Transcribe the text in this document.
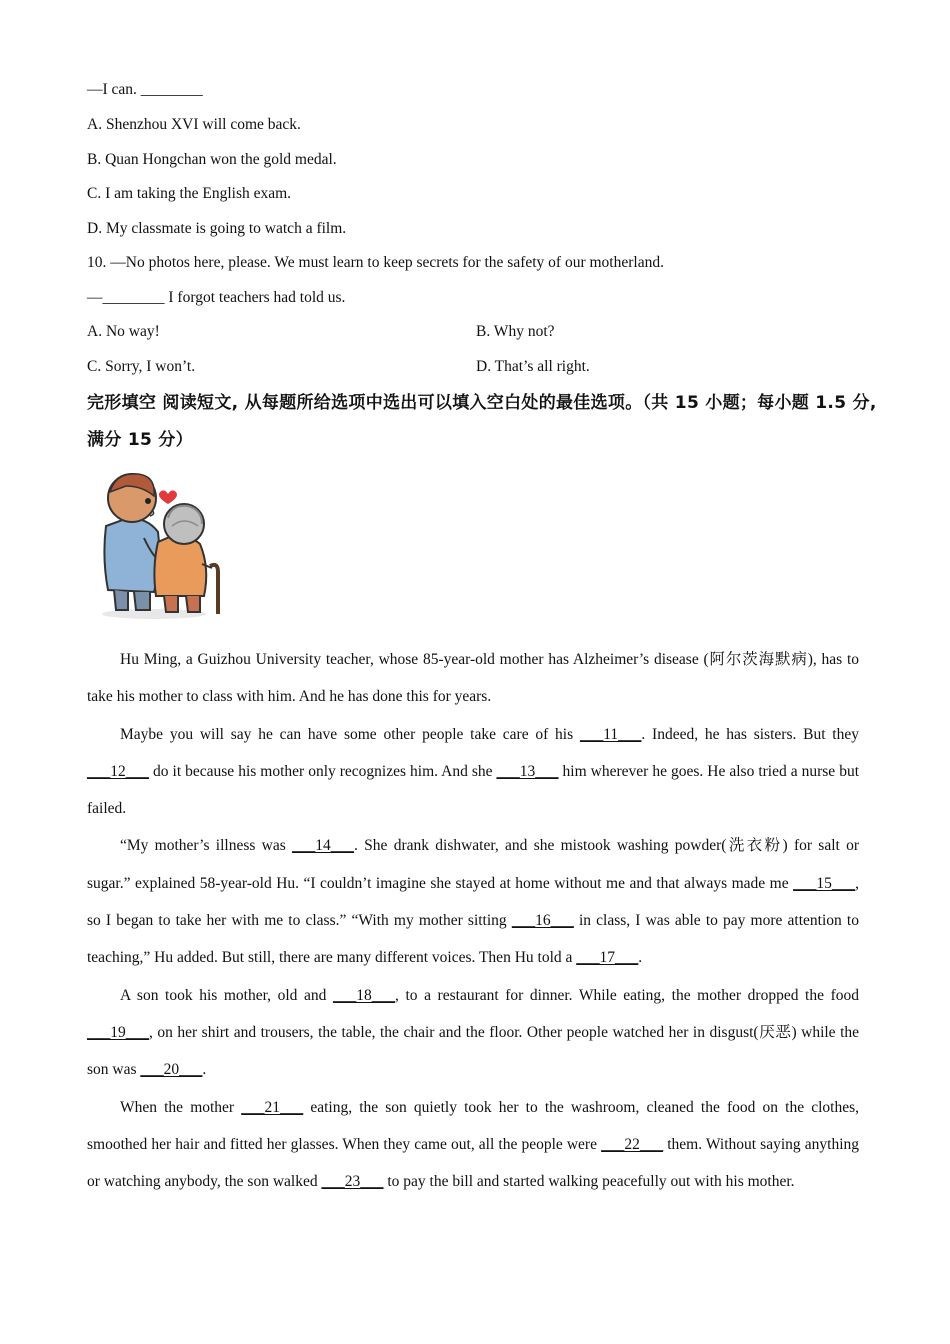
—I can. ________
A. Shenzhou XVI will come back.
B. Quan Hongchan won the gold medal.
C. I am taking the English exam.
D. My classmate is going to watch a film.
10. —No photos here, please. We must learn to keep secrets for the safety of our motherland.
—________ I forgot teachers had told us.
A. No way!	B. Why not?
C. Sorry, I won’t.	D. That’s all right.
完形填空 阅读短文, 从每题所给选项中选出可以填入空白处的最佳选项。（共 15 小题；每小题 1.5 分, 满分 15 分）

Hu Ming, a Guizhou University teacher, whose 85-year-old mother has Alzheimer’s disease (阿尔茨海默病), has to take his mother to class with him. And he has done this for years.

Maybe you will say he can have some other people take care of his ___11___. Indeed, he has sisters. But they ___12___ do it because his mother only recognizes him. And she ___13___ him wherever he goes. He also tried a nurse but failed.

“My mother’s illness was ___14___. She drank dishwater, and she mistook washing powder(洗衣粉) for salt or sugar.” explained 58-year-old Hu. “I couldn’t imagine she stayed at home without me and that always made me ___15___, so I began to take her with me to class.” “With my mother sitting ___16___ in class, I was able to pay more attention to teaching,” Hu added. But still, there are many different voices. Then Hu told a ___17___.

A son took his mother, old and ___18___, to a restaurant for dinner. While eating, the mother dropped the food ___19___, on her shirt and trousers, the table, the chair and the floor. Other people watched her in disgust(厌恶) while the son was ___20___.

When the mother ___21___ eating, the son quietly took her to the washroom, cleaned the food on the clothes, smoothed her hair and fitted her glasses. When they came out, all the people were ___22___ them. Without saying anything or watching anybody, the son walked ___23___ to pay the bill and started walking peacefully out with his mother.
